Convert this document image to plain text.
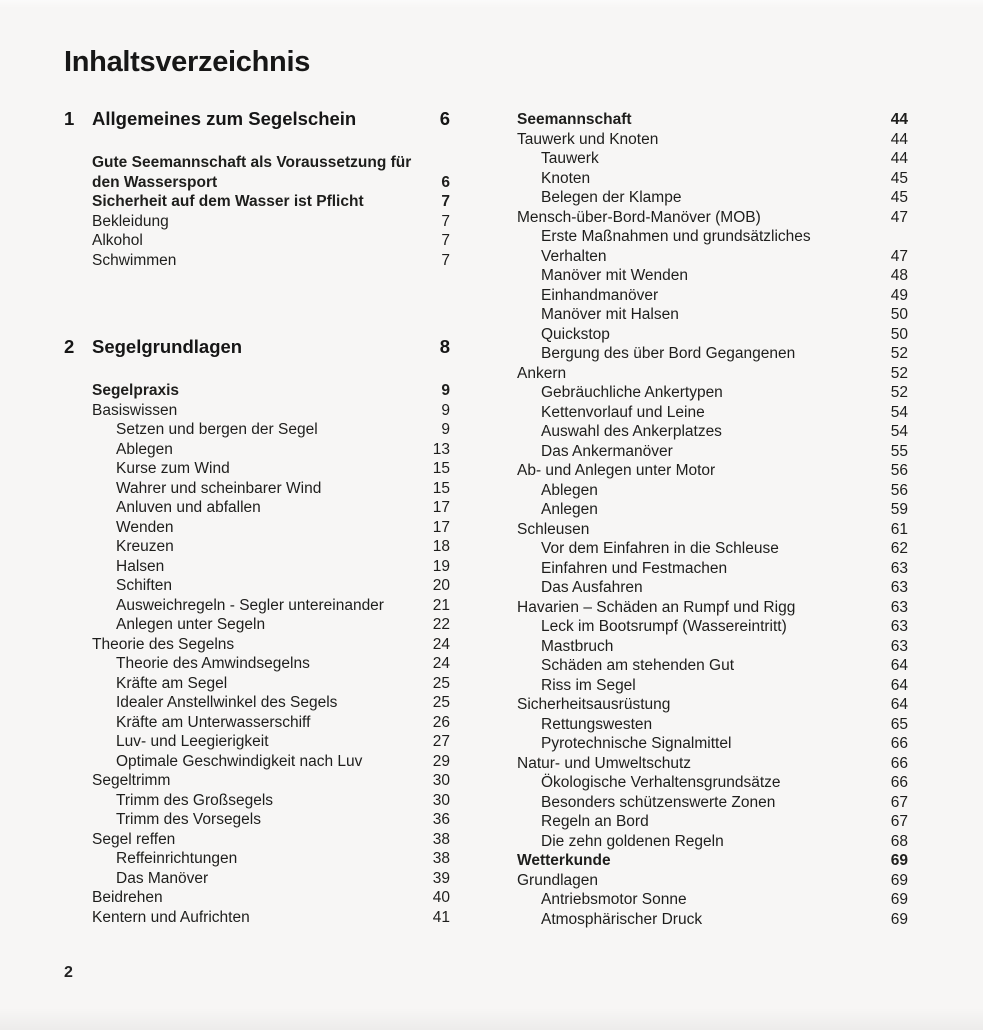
Inhaltsverzeichnis
1 Allgemeines zum Segelschein	6
Gute Seemannschaft als Voraussetzung für
den Wassersport	6
Sicherheit auf dem Wasser ist Pflicht	7
Bekleidung	7
Alkohol	7
Schwimmen	7
2 Segelgrundlagen	8
Segelpraxis	9
Basiswissen	9
Setzen und bergen der Segel	9
Ablegen	13
Kurse zum Wind	15
Wahrer und scheinbarer Wind	15
Anluven und abfallen	17
Wenden	17
Kreuzen	18
Halsen	19
Schiften	20
Ausweichregeln - Segler untereinander	21
Anlegen unter Segeln	22
Theorie des Segelns	24
Theorie des Amwindsegelns	24
Kräfte am Segel	25
Idealer Anstellwinkel des Segels	25
Kräfte am Unterwasserschiff	26
Luv- und Leegierigkeit	27
Optimale Geschwindigkeit nach Luv	29
Segeltrimm	30
Trimm des Großsegels	30
Trimm des Vorsegels	36
Segel reffen	38
Reffeinrichtungen	38
Das Manöver	39
Beidrehen	40
Kentern und Aufrichten	41
Seemannschaft	44
Tauwerk und Knoten	44
Tauwerk	44
Knoten	45
Belegen der Klampe	45
Mensch-über-Bord-Manöver (MOB)	47
Erste Maßnahmen und grundsätzliches
Verhalten	47
Manöver mit Wenden	48
Einhandmanöver	49
Manöver mit Halsen	50
Quickstop	50
Bergung des über Bord Gegangenen	52
Ankern	52
Gebräuchliche Ankertypen	52
Kettenvorlauf und Leine	54
Auswahl des Ankerplatzes	54
Das Ankermanöver	55
Ab- und Anlegen unter Motor	56
Ablegen	56
Anlegen	59
Schleusen	61
Vor dem Einfahren in die Schleuse	62
Einfahren und Festmachen	63
Das Ausfahren	63
Havarien – Schäden an Rumpf und Rigg	63
Leck im Bootsrumpf (Wassereintritt)	63
Mastbruch	63
Schäden am stehenden Gut	64
Riss im Segel	64
Sicherheitsausrüstung	64
Rettungswesten	65
Pyrotechnische Signalmittel	66
Natur- und Umweltschutz	66
Ökologische Verhaltensgrundsätze	66
Besonders schützenswerte Zonen	67
Regeln an Bord	67
Die zehn goldenen Regeln	68
Wetterkunde	69
Grundlagen	69
Antriebsmotor Sonne	69
Atmosphärischer Druck	69
2
